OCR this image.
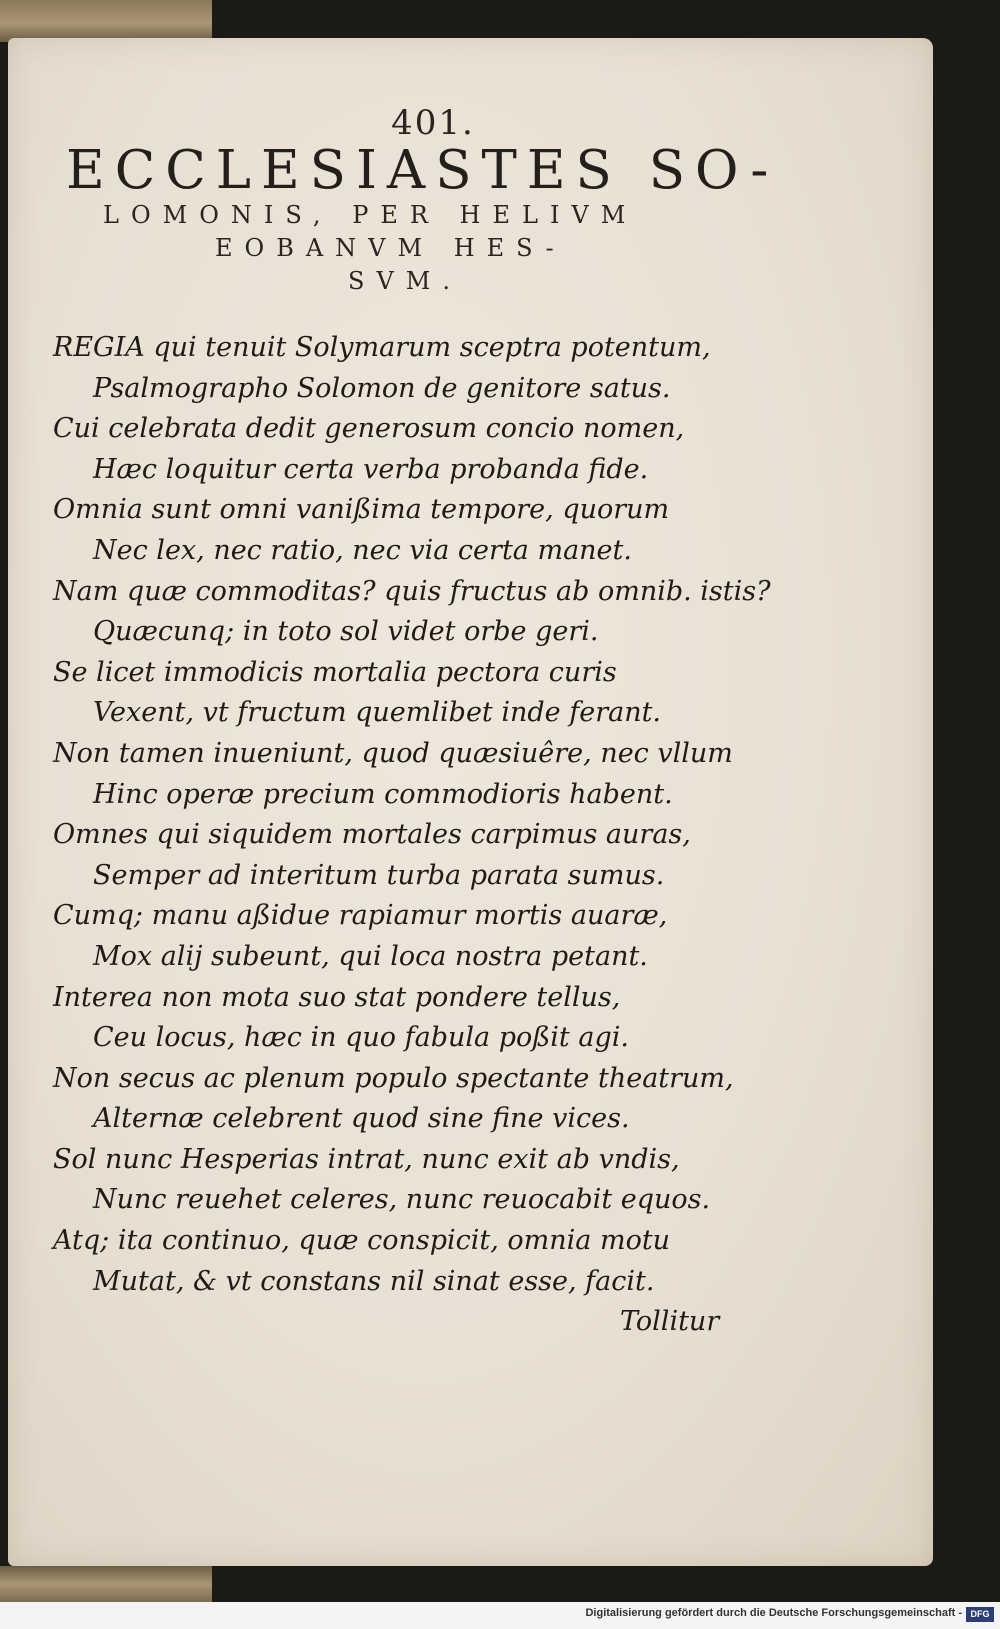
401.
ECCLESIASTES SO-
LOMONIS, PER HELIVM
EOBANVM HES-
SVM.
REGIA qui tenuit Solymarum sceptra potentum,
Psalmographo Solomon de genitore satus.
Cui celebrata dedit generosum concio nomen,
Hæc loquitur certa verba probanda fide.
Omnia sunt omni vanißima tempore, quorum
Nec lex, nec ratio, nec via certa manet.
Nam quæ commoditas? quis fructus ab omnib. istis?
Quæcunq; in toto sol videt orbe geri.
Se licet immodicis mortalia pectora curis
Vexent, vt fructum quemlibet inde ferant.
Non tamen inueniunt, quod quæsiuêre, nec vllum
Hinc operæ precium commodioris habent.
Omnes qui siquidem mortales carpimus auras,
Semper ad interitum turba parata sumus.
Cumq; manu aßidue rapiamur mortis auaræ,
Mox alij subeunt, qui loca nostra petant.
Interea non mota suo stat pondere tellus,
Ceu locus, hæc in quo fabula poßit agi.
Non secus ac plenum populo spectante theatrum,
Alternæ celebrent quod sine fine vices.
Sol nunc Hesperias intrat, nunc exit ab vndis,
Nunc reuehet celeres, nunc reuocabit equos.
Atq; ita continuo, quæ conspicit, omnia motu
Mutat, & vt constans nil sinat esse, facit.
Tollitur
Digitalisierung gefördert durch die Deutsche Forschungsgemeinschaft - DFG
